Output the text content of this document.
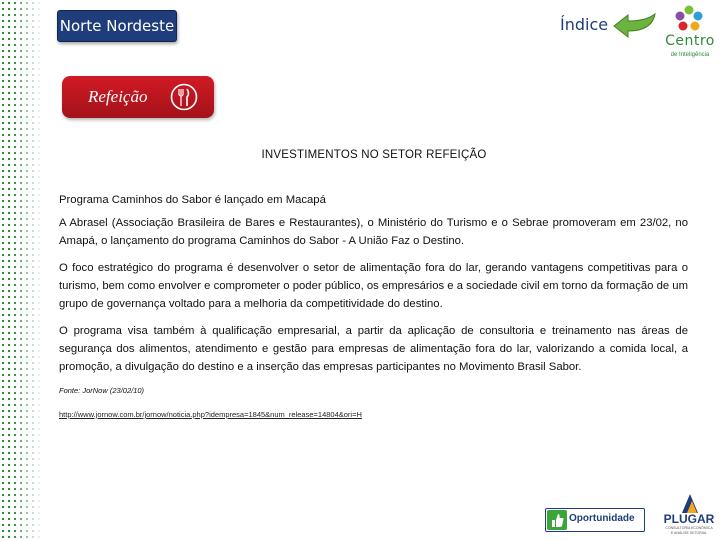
Norte Nordeste	Índice
Centro
de Inteligência
Refeição
INVESTIMENTOS NO SETOR REFEIÇÃO

Programa Caminhos do Sabor é lançado em Macapá

A Abrasel (Associação Brasileira de Bares e Restaurantes), o Ministério do Turismo e o Sebrae promoveram em 23/02, no Amapá, o lançamento do programa Caminhos do Sabor - A União Faz o Destino.

O foco estratégico do programa é desenvolver o setor de alimentação fora do lar, gerando vantagens competitivas para o turismo, bem como envolver e comprometer o poder público, os empresários e a sociedade civil em torno da formação de um grupo de governança voltado para a melhoria da competitividade do destino.

O programa visa também à qualificação empresarial, a partir da aplicação de consultoria e treinamento nas áreas de segurança dos alimentos, atendimento e gestão para empresas de alimentação fora do lar, valorizando a comida local, a promoção, a divulgação do destino e a inserção das empresas participantes no Movimento Brasil Sabor.

Fonte: JorNow (23/02/10)

http://www.jornow.com.br/jornow/noticia.php?idempresa=1845&num_release=14804&ori=H

Oportunidade	PLUGAR
CONSULTORIA ECONÔMICA
E ANÁLISE SETORIAL
